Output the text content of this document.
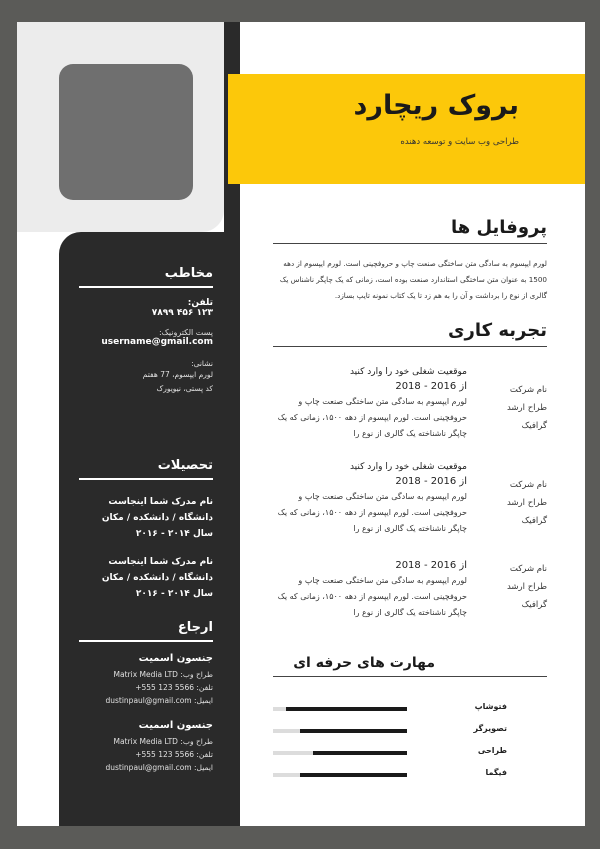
مخاطب
تلفن:
۱۲۳ ۴۵۶ ۷۸۹۹
پست الکترونیک:
username@gmail.com
نشانی:
لورم ایپسوم، 77 هفتم
کد پستی، نیویورک
تحصیلات
نام مدرک شما اینجاست
دانشگاه / دانشکده / مکان
سال ۲۰۱۴ - ۲۰۱۶
نام مدرک شما اینجاست
دانشگاه / دانشکده / مکان
سال ۲۰۱۴ - ۲۰۱۶
ارجاع
جنسون اسمیت
طراح وب: Matrix Media LTD
تلفن: +555 123 5566
ایمیل: dustinpaul@gmail.com
جنسون اسمیت
طراح وب: Matrix Media LTD
تلفن: +555 123 5566
ایمیل: dustinpaul@gmail.com
بروک ریچارد
طراحی وب سایت و توسعه دهنده
پروفایل ها
لورم ایپسوم به سادگی متن ساختگی صنعت چاپ و حروفچینی است. لورم ایپسوم از دهه 1500 به عنوان متن ساختگی استاندارد صنعت بوده است، زمانی که یک چاپگر ناشناس یک گالری از نوع را برداشت و آن را به هم زد تا یک کتاب نمونه تایپ بسازد.
تجربه کاری
نام شرکت
طراح ارشد گرافیک
موقعیت شغلی خود را وارد کنید
از 2016 - 2018
لورم ایپسوم به سادگی متن ساختگی صنعت چاپ و حروفچینی است. لورم ایپسوم از دهه ۱۵۰۰، زمانی که یک چاپگر ناشناخته یک گالری از نوع را
نام شرکت
طراح ارشد گرافیک
موقعیت شغلی خود را وارد کنید
از 2016 - 2018
لورم ایپسوم به سادگی متن ساختگی صنعت چاپ و حروفچینی است. لورم ایپسوم از دهه ۱۵۰۰، زمانی که یک چاپگر ناشناخته یک گالری از نوع را
نام شرکت
طراح ارشد گرافیک
از 2016 - 2018
لورم ایپسوم به سادگی متن ساختگی صنعت چاپ و حروفچینی است. لورم ایپسوم از دهه ۱۵۰۰، زمانی که یک چاپگر ناشناخته یک گالری از نوع را
مهارت های حرفه ای
فتوشاپ
تصویرگر
طراحی
فیگما
